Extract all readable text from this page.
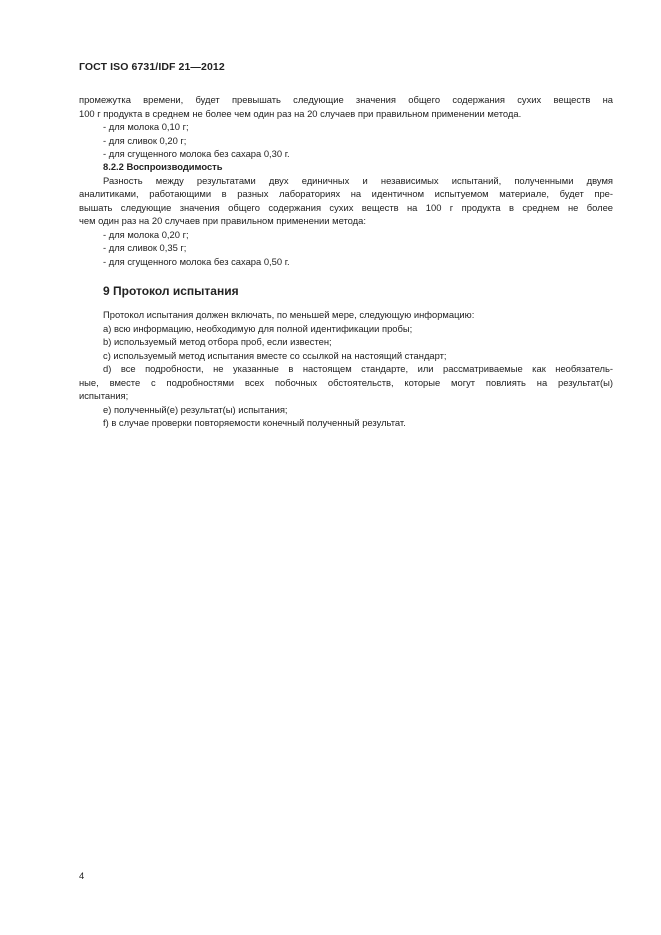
ГОСТ ISO 6731/IDF 21—2012

промежутка времени, будет превышать следующие значения общего содержания сухих веществ на

100 г продукта в среднем не более чем один раз на 20 случаев при правильном применении метода.

- для молока 0,10 г;

- для сливок 0,20 г;

- для сгущенного молока без сахара 0,30 г.

8.2.2 Воспроизводимость

Разность между результатами двух единичных и независимых испытаний, полученными двумя

аналитиками, работающими в разных лабораториях на идентичном испытуемом материале, будет пре-

вышать следующие значения общего содержания сухих веществ на 100 г продукта в среднем не более

чем один раз на 20 случаев при правильном применении метода:

- для молока 0,20 г;

- для сливок 0,35 г;

- для сгущенного молока без сахара 0,50 г.

9 Протокол испытания

Протокол испытания должен включать, по меньшей мере, следующую информацию:

а) всю информацию, необходимую для полной идентификации пробы;

b) используемый метод отбора проб, если известен;

с) используемый метод испытания вместе со ссылкой на настоящий стандарт;

d) все подробности, не указанные в настоящем стандарте, или рассматриваемые как необязатель-

ные, вместе с подробностями всех побочных обстоятельств, которые могут повлиять на результат(ы)

испытания;

е) полученный(е) результат(ы) испытания;

f) в случае проверки повторяемости конечный полученный результат.

4
